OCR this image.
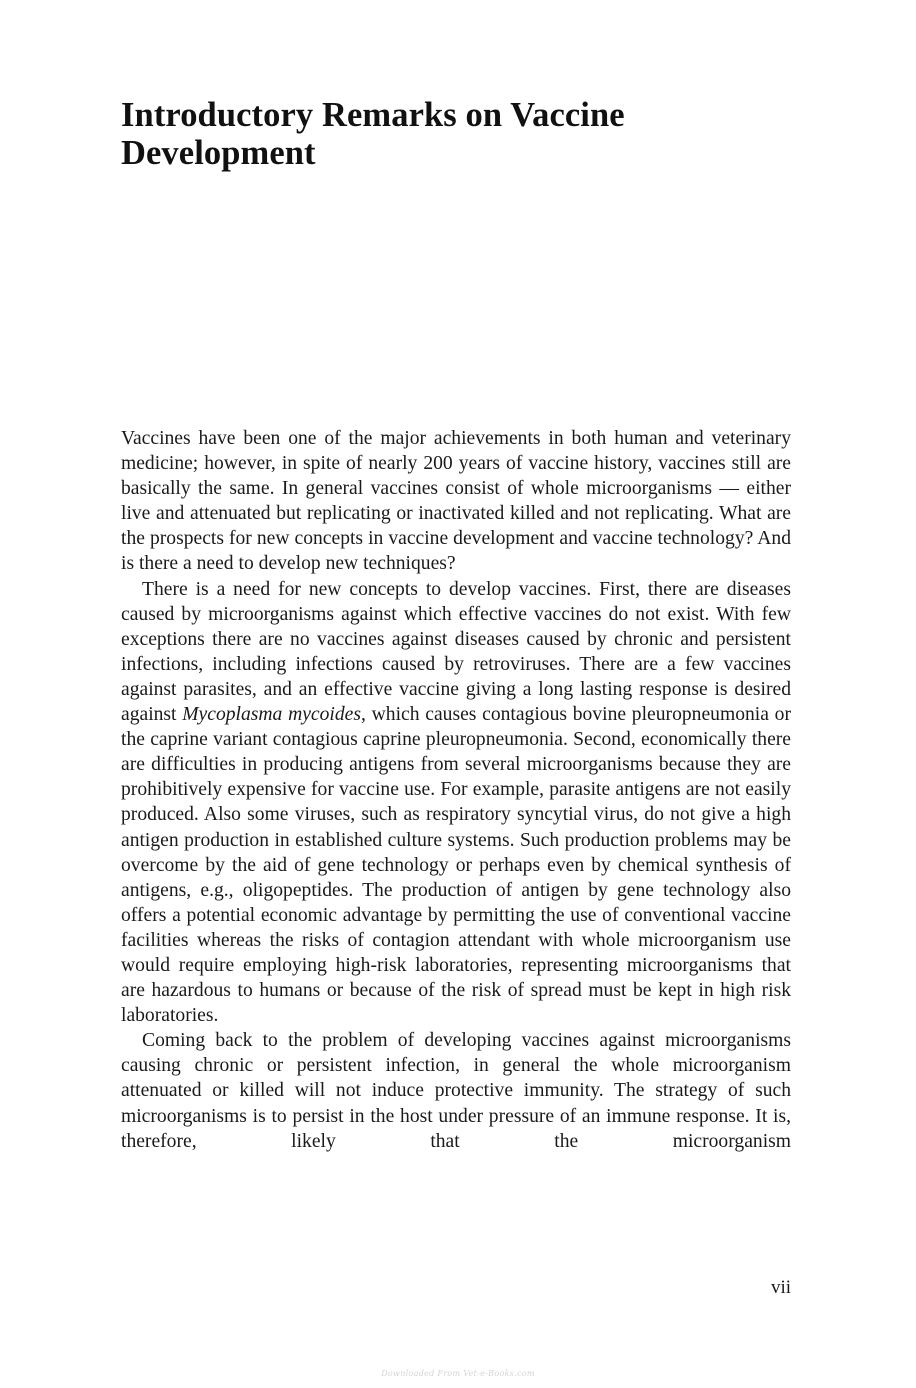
Introductory Remarks on Vaccine Development

Vaccines have been one of the major achievements in both human and veterinary medicine; however, in spite of nearly 200 years of vaccine history, vaccines still are basically the same. In general vaccines consist of whole microorganisms — either live and attenuated but replicating or inactivated killed and not replicating. What are the prospects for new concepts in vaccine development and vaccine technology? And is there a need to develop new techniques?

There is a need for new concepts to develop vaccines. First, there are diseases caused by microorganisms against which effective vaccines do not exist. With few exceptions there are no vaccines against diseases caused by chronic and persistent infections, including infections caused by retroviruses. There are a few vaccines against parasites, and an effective vaccine giving a long lasting response is desired against Mycoplasma mycoides, which causes contagious bovine pleuropneumonia or the caprine variant contagious caprine pleuropneumonia. Second, economically there are difficulties in producing antigens from several microorganisms because they are prohibitively expensive for vaccine use. For example, parasite antigens are not easily produced. Also some viruses, such as respiratory syncytial virus, do not give a high antigen production in established culture systems. Such production problems may be overcome by the aid of gene technology or perhaps even by chemical synthesis of antigens, e.g., oligopeptides. The production of antigen by gene technology also offers a potential economic advantage by permitting the use of conventional vaccine facilities whereas the risks of contagion attendant with whole microorganism use would require employing high-risk laboratories, representing microorganisms that are hazardous to humans or because of the risk of spread must be kept in high risk laboratories.

Coming back to the problem of developing vaccines against microorganisms causing chronic or persistent infection, in general the whole microorganism attenuated or killed will not induce protective immunity. The strategy of such microorganisms is to persist in the host under pressure of an immune response. It is, therefore, likely that the microorganism

vii
Downloaded From Vet-e-Books.com
